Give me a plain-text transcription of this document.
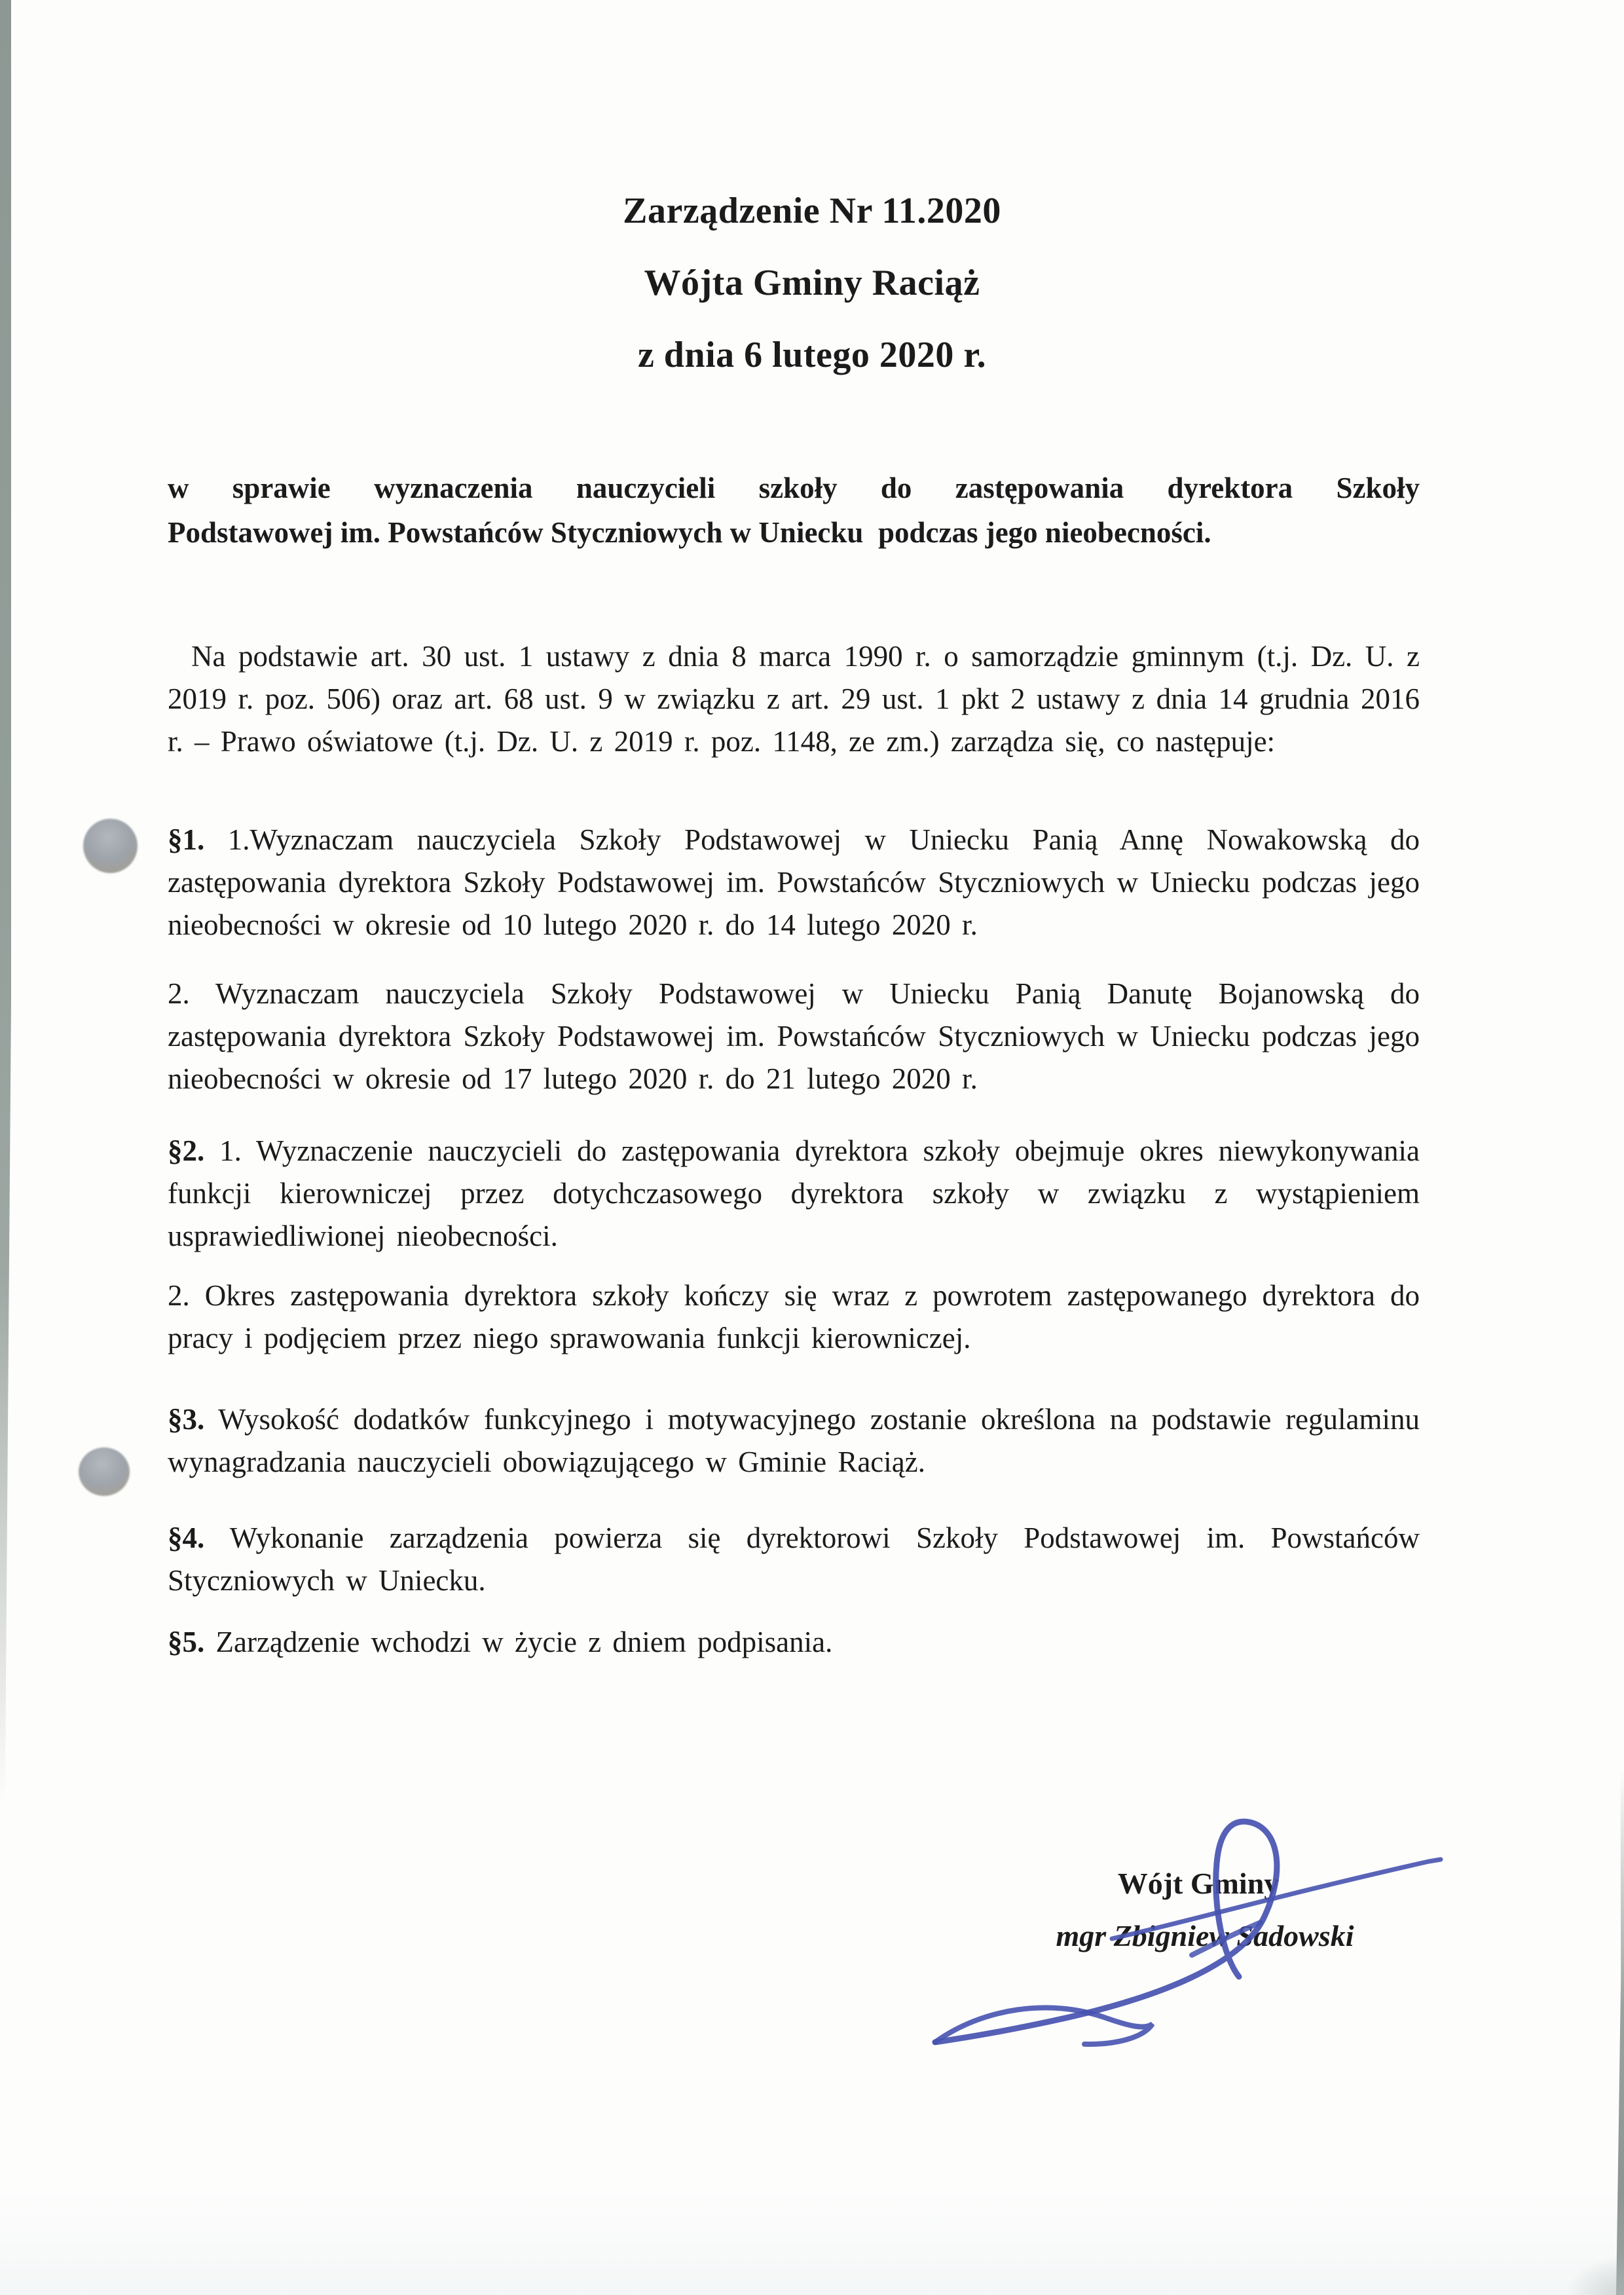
Zarządzenie Nr 11.2020
Wójta Gminy Raciąż
z dnia 6 lutego 2020 r.
w sprawie wyznaczenia nauczycieli szkoły do zastępowania dyrektora Szkoły
Podstawowej im. Powstańców Styczniowych w Uniecku  podczas jego nieobecności.

Na podstawie art. 30 ust. 1 ustawy z dnia 8 marca 1990 r. o samorządzie gminnym (t.j. Dz. U. z 2019 r. poz. 506) oraz art. 68 ust. 9 w związku z art. 29 ust. 1 pkt 2 ustawy z dnia 14 grudnia 2016 r. – Prawo oświatowe (t.j. Dz. U. z 2019 r. poz. 1148, ze zm.) zarządza się, co następuje:

§1. 1.Wyznaczam nauczyciela Szkoły Podstawowej w Uniecku Panią Annę Nowakowską do zastępowania dyrektora Szkoły Podstawowej im. Powstańców Styczniowych w Uniecku podczas jego nieobecności w okresie od 10 lutego 2020 r. do 14 lutego 2020 r.

2. Wyznaczam nauczyciela Szkoły Podstawowej w Uniecku Panią Danutę Bojanowską do zastępowania dyrektora Szkoły Podstawowej im. Powstańców Styczniowych w Uniecku podczas jego nieobecności w okresie od 17 lutego 2020 r. do 21 lutego 2020 r.

§2. 1. Wyznaczenie nauczycieli do zastępowania dyrektora szkoły obejmuje okres niewykonywania funkcji kierowniczej przez dotychczasowego dyrektora szkoły w związku z wystąpieniem usprawiedliwionej nieobecności.

2. Okres zastępowania dyrektora szkoły kończy się wraz z powrotem zastępowanego dyrektora do pracy i podjęciem przez niego sprawowania funkcji kierowniczej.

§3. Wysokość dodatków funkcyjnego i motywacyjnego zostanie określona na podstawie regulaminu wynagradzania nauczycieli obowiązującego w Gminie Raciąż.

§4. Wykonanie zarządzenia powierza się dyrektorowi Szkoły Podstawowej im. Powstańców Styczniowych w Uniecku.

§5. Zarządzenie wchodzi w życie z dniem podpisania.

Wójt Gminy
mgr Zbigniew Sadowski
